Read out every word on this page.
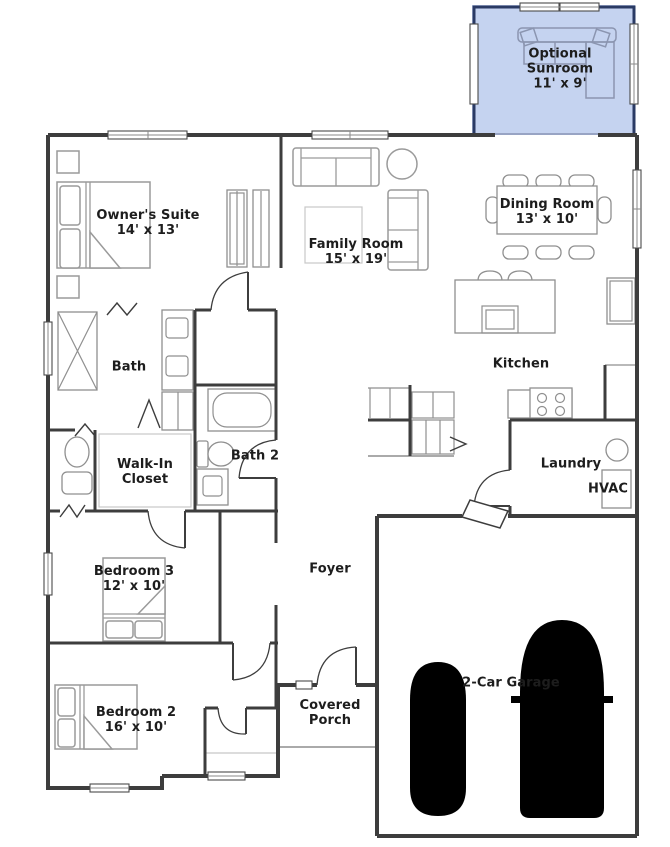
Optional Sunroom
11' x 9'
Owner's Suite
14' x 13'
Family Room
15' x 19'
Dining Room
13' x 10'
Kitchen
Bath
Walk-In Closet
Bath 2
Laundry
HVAC
Bedroom 3
12' x 10'
Foyer
Bedroom 2
16' x 10'
Covered Porch
2-Car Garage
